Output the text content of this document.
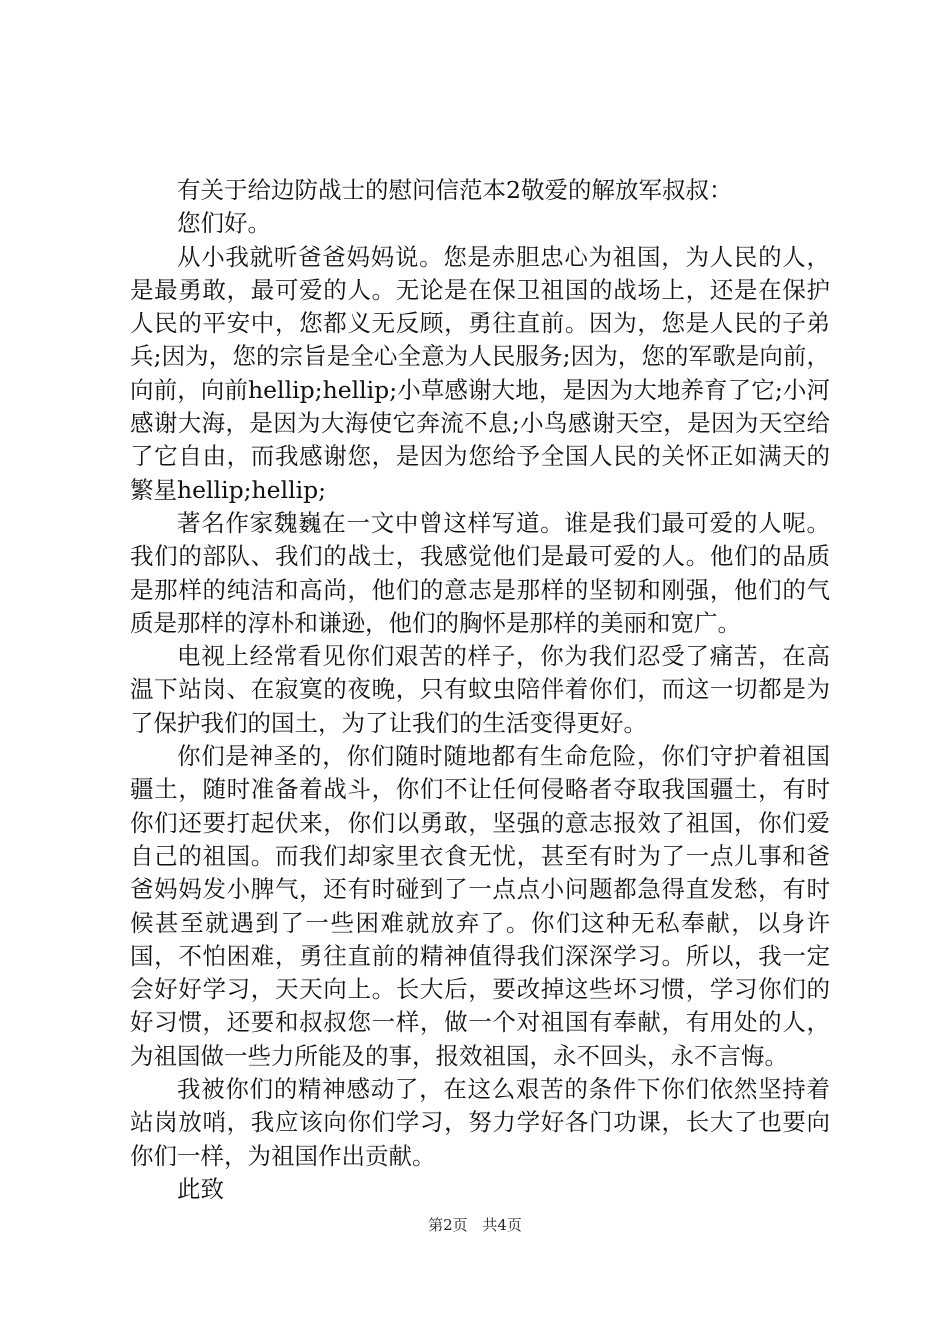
有关于给边防战士的慰问信范本2敬爱的解放军叔叔：

您们好。

从小我就听爸爸妈妈说。您是赤胆忠心为祖国，为人民的人，是最勇敢，最可爱的人。无论是在保卫祖国的战场上，还是在保护人民的平安中，您都义无反顾，勇往直前。因为，您是人民的子弟兵;因为，您的宗旨是全心全意为人民服务;因为，您的军歌是向前，向前，向前hellip;hellip;小草感谢大地，是因为大地养育了它;小河感谢大海，是因为大海使它奔流不息;小鸟感谢天空，是因为天空给了它自由，而我感谢您，是因为您给予全国人民的关怀正如满天的繁星hellip;hellip;

著名作家魏巍在一文中曾这样写道。谁是我们最可爱的人呢。我们的部队、我们的战士，我感觉他们是最可爱的人。他们的品质是那样的纯洁和高尚，他们的意志是那样的坚韧和刚强，他们的气质是那样的淳朴和谦逊，他们的胸怀是那样的美丽和宽广。

电视上经常看见你们艰苦的样子，你为我们忍受了痛苦，在高温下站岗、在寂寞的夜晚，只有蚊虫陪伴着你们，而这一切都是为了保护我们的国土，为了让我们的生活变得更好。

你们是神圣的，你们随时随地都有生命危险，你们守护着祖国疆土，随时准备着战斗，你们不让任何侵略者夺取我国疆土，有时你们还要打起伏来，你们以勇敢，坚强的意志报效了祖国，你们爱自己的祖国。而我们却家里衣食无忧，甚至有时为了一点儿事和爸爸妈妈发小脾气，还有时碰到了一点点小问题都急得直发愁，有时候甚至就遇到了一些困难就放弃了。你们这种无私奉献，以身许国，不怕困难，勇往直前的精神值得我们深深学习。所以，我一定会好好学习，天天向上。长大后，要改掉这些坏习惯，学习你们的好习惯，还要和叔叔您一样，做一个对祖国有奉献，有用处的人，为祖国做一些力所能及的事，报效祖国，永不回头，永不言悔。

我被你们的精神感动了，在这么艰苦的条件下你们依然坚持着站岗放哨，我应该向你们学习，努力学好各门功课，长大了也要向你们一样，为祖国作出贡献。

此致

第2页 共4页
